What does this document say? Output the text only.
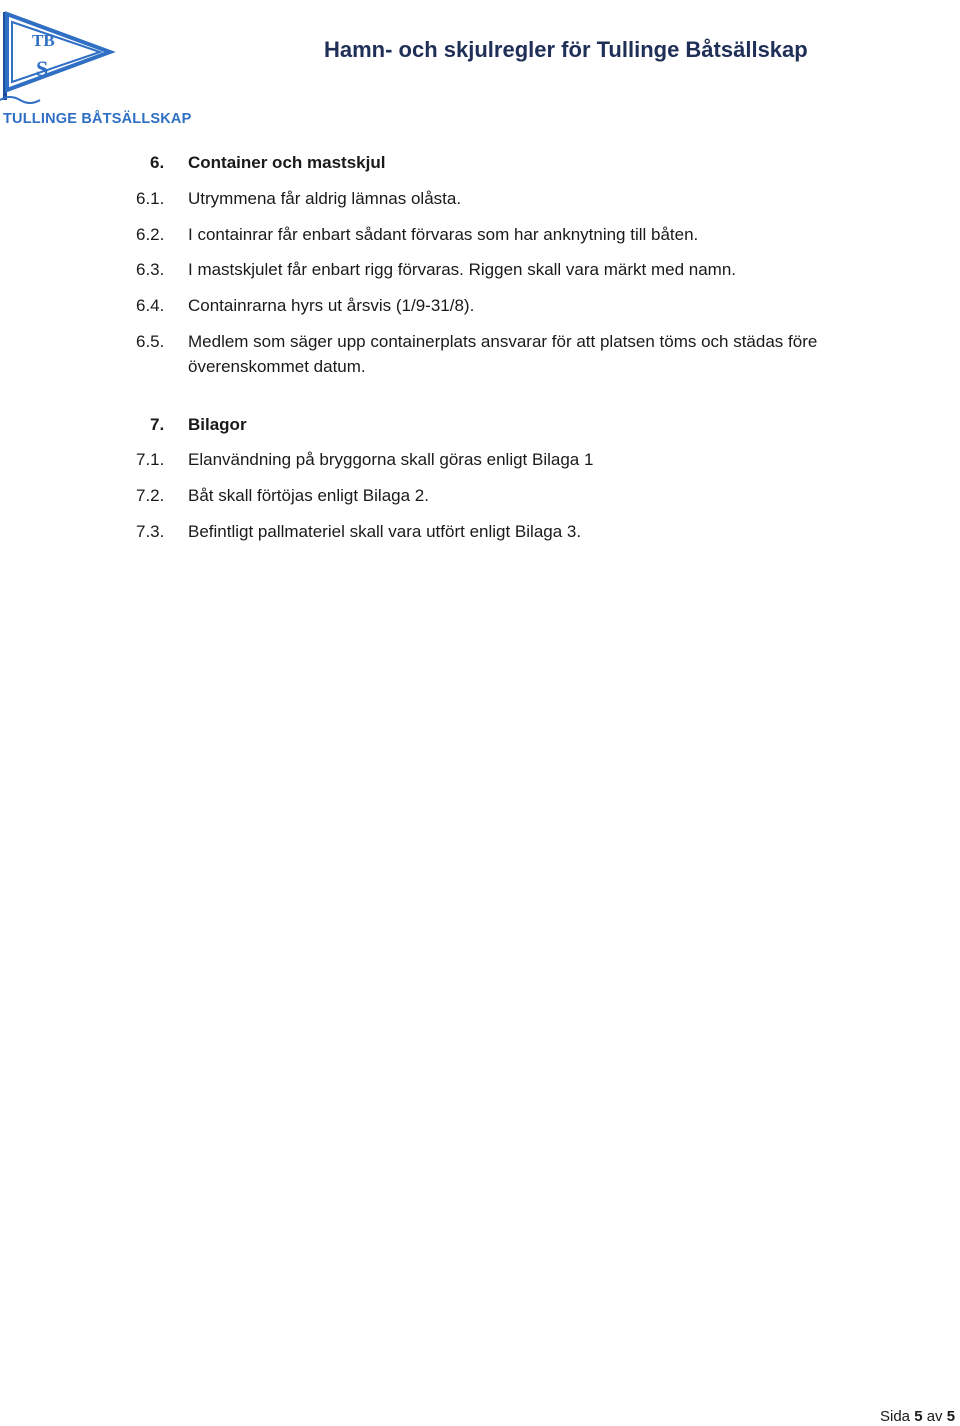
TB
S
TULLINGE BÅTSÄLLSKAP
Hamn- och skjulregler för Tullinge Båtsällskap
6.	Container och mastskjul
6.1.	Utrymmena får aldrig lämnas olåsta.
6.2.	I containrar får enbart sådant förvaras som har anknytning till båten.
6.3.	I mastskjulet får enbart rigg förvaras. Riggen skall vara märkt med namn.
6.4.	Containrarna hyrs ut årsvis (1/9-31/8).
6.5.	Medlem som säger upp containerplats ansvarar för att platsen töms och städas före överenskommet datum.
7.	Bilagor
7.1.	Elanvändning på bryggorna skall göras enligt Bilaga 1
7.2.	Båt skall förtöjas enligt Bilaga 2.
7.3.	Befintligt pallmateriel skall vara utfört enligt Bilaga 3.
Sida 5 av 5
